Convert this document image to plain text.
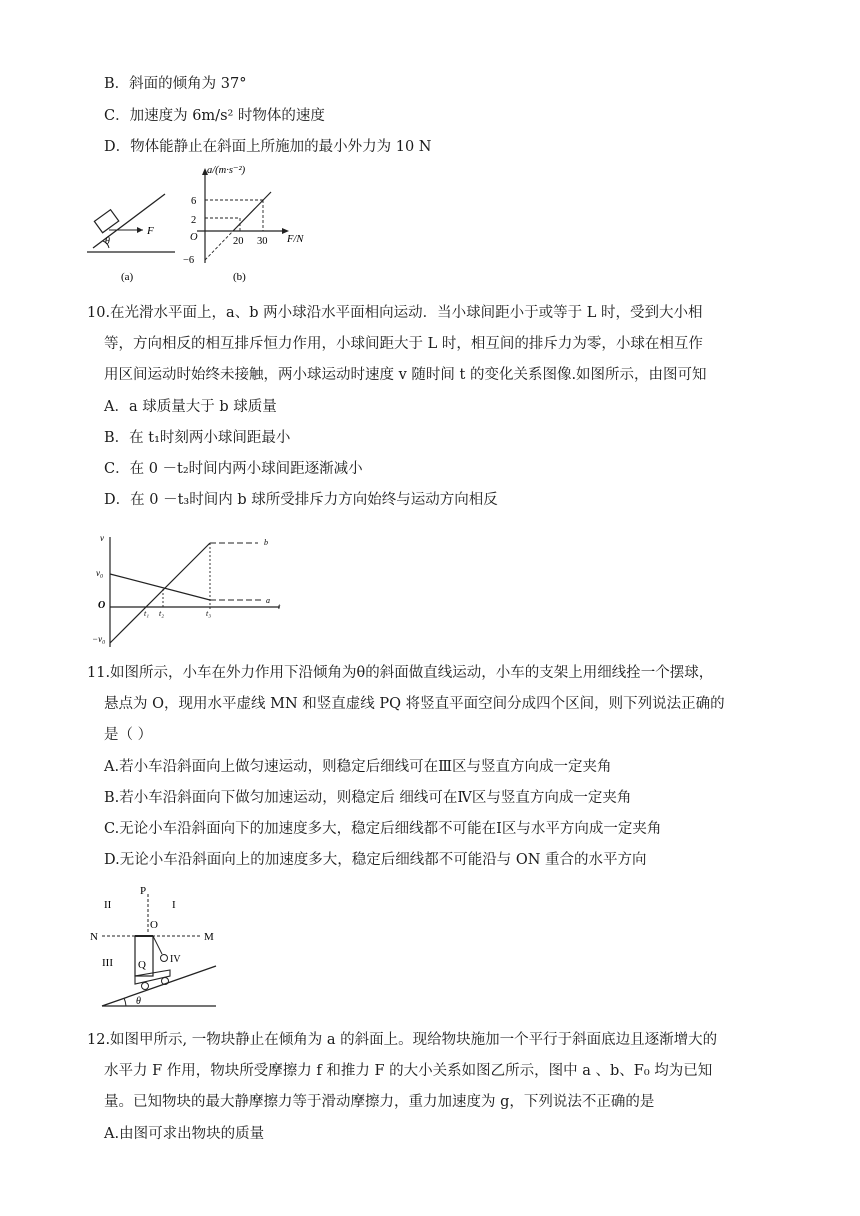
B．斜面的倾角为 37°
C．加速度为 6m/s² 时物体的速度
D．物体能静止在斜面上所施加的最小外力为 10 N
F
θ
(a)
a/(m·s⁻²)
F/N
O
6
2
−6
20 30
(b)
10.在光滑水平面上，a、b 两小球沿水平面相向运动．当小球间距小于或等于 L 时，受到大小相
等，方向相反的相互排斥恒力作用，小球间距大于 L 时，相互间的排斥力为零，小球在相互作
用区间运动时始终未接触，两小球运动时速度 v 随时间 t 的变化关系图像.如图所示，由图可知
A．a 球质量大于 b 球质量
B．在 t₁时刻两小球间距最小
C．在 0 －t₂时间内两小球间距逐渐减小
D．在 0 －t₃时间内 b 球所受排斥力方向始终与运动方向相反
v
v₀
−v₀
O	t
b
a
t₁ t₂	t₃
11.如图所示，小车在外力作用下沿倾角为θ的斜面做直线运动，小车的支架上用细线拴一个摆球，
悬点为 O，现用水平虚线 MN 和竖直虚线 PQ 将竖直平面空间分成四个区间，则下列说法正确的
是（ ）
A.若小车沿斜面向上做匀速运动，则稳定后细线可在Ⅲ区与竖直方向成一定夹角
B.若小车沿斜面向下做匀加速运动，则稳定后 细线可在Ⅳ区与竖直方向成一定夹角
C.无论小车沿斜面向下的加速度多大，稳定后细线都不可能在Ⅰ区与水平方向成一定夹角
D.无论小车沿斜面向上的加速度多大，稳定后细线都不可能沿与 ON 重合的水平方向
P
II	I
O
N	M
III Q IV
θ
12.如图甲所示, 一物块静止在倾角为 a 的斜面上。现给物块施加一个平行于斜面底边且逐渐增大的
水平力 F 作用，物块所受摩擦力 f 和推力 F 的大小关系如图乙所示，图中 a 、b、F₀ 均为已知
量。已知物块的最大静摩擦力等于滑动摩擦力，重力加速度为 g，下列说法不正确的是
A.由图可求出物块的质量
